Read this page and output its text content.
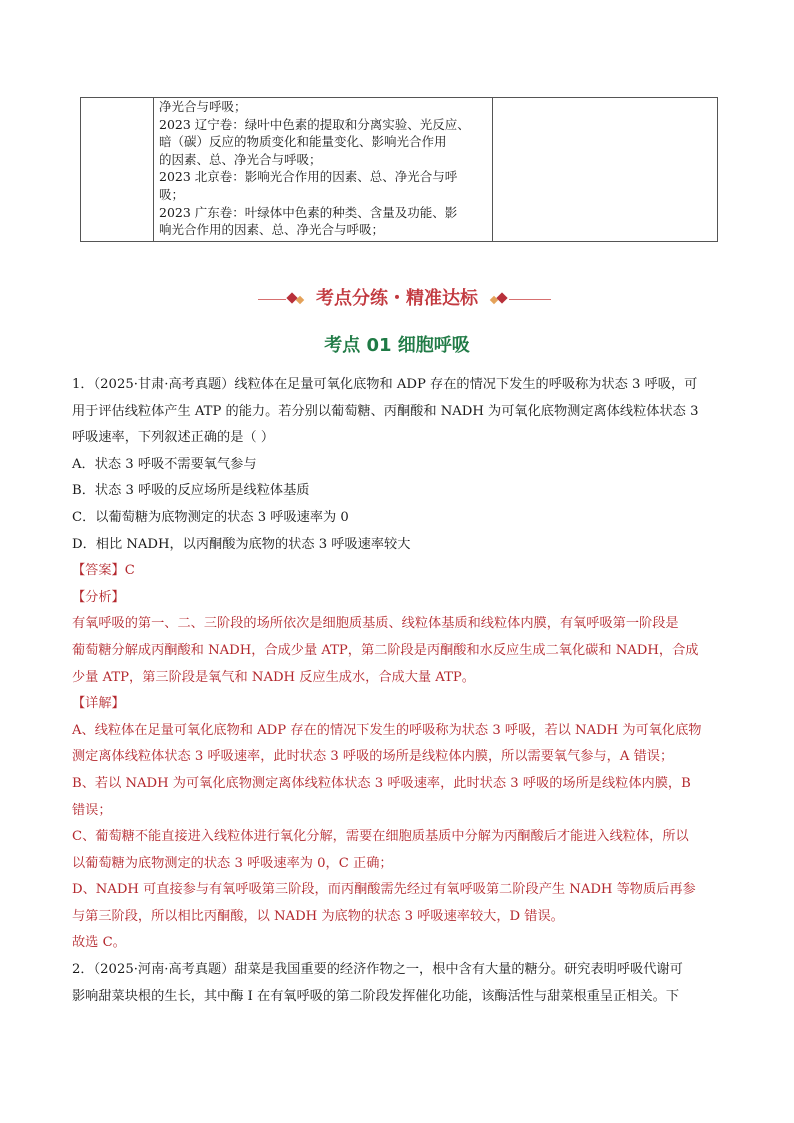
净光合与呼吸；
2023 辽宁卷：绿叶中色素的提取和分离实验、光反应、
暗（碳）反应的物质变化和能量变化、影响光合作用
的因素、总、净光合与呼吸；
2023 北京卷：影响光合作用的因素、总、净光合与呼
吸；
2023 广东卷：叶绿体中色素的种类、含量及功能、影
响光合作用的因素、总、净光合与呼吸；

考点分练・精准达标
考点 01 细胞呼吸
1．（2025·甘肃·高考真题）线粒体在足量可氧化底物和 ADP 存在的情况下发生的呼吸称为状态 3 呼吸，可
用于评估线粒体产生 ATP 的能力。若分别以葡萄糖、丙酮酸和 NADH 为可氧化底物测定离体线粒体状态 3
呼吸速率，下列叙述正确的是（ ）
A．状态 3 呼吸不需要氧气参与
B．状态 3 呼吸的反应场所是线粒体基质
C．以葡萄糖为底物测定的状态 3 呼吸速率为 0
D．相比 NADH，以丙酮酸为底物的状态 3 呼吸速率较大
【答案】C
【分析】
有氧呼吸的第一、二、三阶段的场所依次是细胞质基质、线粒体基质和线粒体内膜，有氧呼吸第一阶段是
葡萄糖分解成丙酮酸和 NADH，合成少量 ATP，第二阶段是丙酮酸和水反应生成二氧化碳和 NADH，合成
少量 ATP，第三阶段是氧气和 NADH 反应生成水，合成大量 ATP。
【详解】
A、线粒体在足量可氧化底物和 ADP 存在的情况下发生的呼吸称为状态 3 呼吸，若以 NADH 为可氧化底物
测定离体线粒体状态 3 呼吸速率，此时状态 3 呼吸的场所是线粒体内膜，所以需要氧气参与，A 错误；
B、若以 NADH 为可氧化底物测定离体线粒体状态 3 呼吸速率，此时状态 3 呼吸的场所是线粒体内膜，B
错误；
C、葡萄糖不能直接进入线粒体进行氧化分解，需要在细胞质基质中分解为丙酮酸后才能进入线粒体，所以
以葡萄糖为底物测定的状态 3 呼吸速率为 0，C 正确；
D、NADH 可直接参与有氧呼吸第三阶段，而丙酮酸需先经过有氧呼吸第二阶段产生 NADH 等物质后再参
与第三阶段，所以相比丙酮酸，以 NADH 为底物的状态 3 呼吸速率较大，D 错误。
故选 C。
2．（2025·河南·高考真题）甜菜是我国重要的经济作物之一，根中含有大量的糖分。研究表明呼吸代谢可
影响甜菜块根的生长，其中酶 I 在有氧呼吸的第二阶段发挥催化功能，该酶活性与甜菜根重呈正相关。下
